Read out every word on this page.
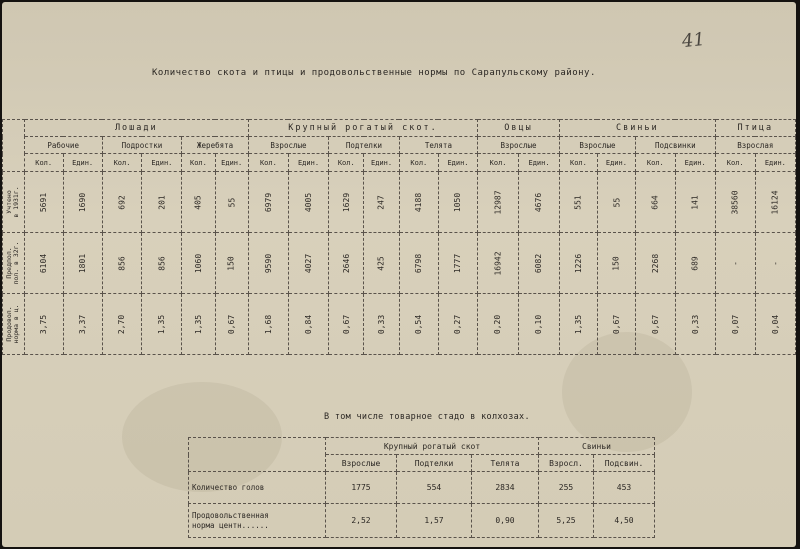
41
Количество скота и птицы и продовольственные нормы по Сарапульскому району.
	Лошади						Крупный рогатый скот.						Овцы		Свиньи				Птица	
	Рабочие		Подростки		Жеребята		Взрослые		Подтелки		Телята		Взрослые		Взрослые		Подсвинки		Взрослая	
	Кол.	Един.	Кол.	Един.	Кол.	Един.	Кол.	Един.	Кол.	Един.	Кол.	Един.	Кол.	Един.	Кол.	Един.	Кол.	Един.	Кол.	Един.

Учтено
в 1931г.	5691	1690	692	201	405	55	6979	4005	1629	247	4188	1050	12987	4676	551	55	664	141	38560	16124

Предпол.
пол. в 32г.	6104	1801	856	856	1060	150	9590	4027	2646	425	6798	1777	16942	6082	1226	150	2268	689	-	-

Продовол.
норма в ц.	3,75	3,37	2,70	1,35	1,35	0,67	1,68	0,84	0,67	0,33	0,54	0,27	0,20	0,10	1,35	0,67	0,67	0,33	0,07	0,04
В том числе товарное стадо в колхозах.
	Крупный рогатый скот			Свиньи	
	Взрослые	Подтелки	Телята	Взросл.	Подсвин.
Количество голов	1775	554	2834	255	453
Продовольственная
норма центн......	2,52	1,57	0,90	5,25	4,50
